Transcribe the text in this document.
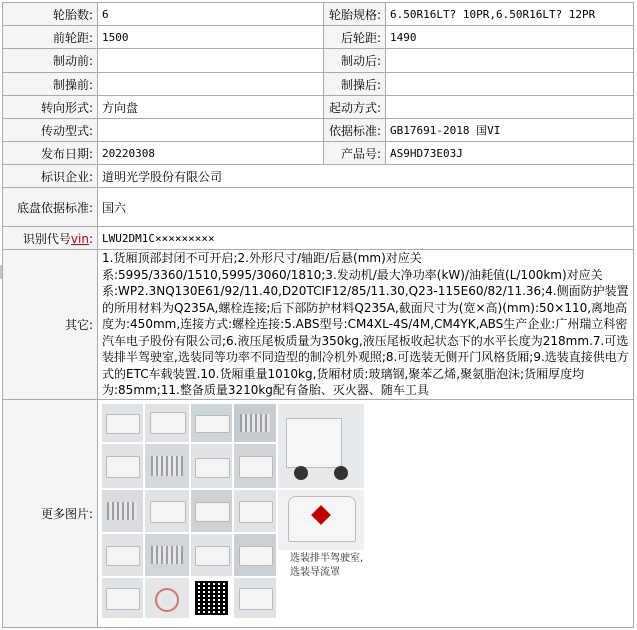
轮胎数:	6	轮胎规格:	6.50R16LT? 10PR,6.50R16LT? 12PR
前轮距:	1500	后轮距:	1490
制动前:		制动后:	
制操前:		制操后:	
转向形式:	方向盘	起动方式:	
传动型式:		依据标准:	GB17691-2018 国VI
发布日期:	20220308	产品号:	AS9HD73E03J
标识企业:	道明光学股份有限公司		
底盘依据标准:	国六		
识别代号vin:	LWU2DM1C×××××××××		
其它:	1.货厢顶部封闭不可开启;2.外形尺寸/轴距/后悬(mm)对应关系:5995/3360/1510,5995/3060/1810;3.发动机/最大净功率(kW)/油耗值(L/100km)对应关系:WP2.3NQ130E61/92/11.40,D20TCIF12/85/11.30,Q23-115E60/82/11.36;4.侧面防护装置的所用材料为Q235A,螺栓连接;后下部防护材料Q235A,截面尺寸为(宽×高)(mm):50×110,离地高度为:450mm,连接方式:螺栓连接:5.ABS型号:CM4XL-4S/4M,CM4YK,ABS生产企业:广州瑞立科密汽车电子股份有限公司;6.液压尾板质量为350kg,液压尾板收起状态下的水平长度为218mm.7.可选装排半驾驶室,选装同等功率不同造型的制冷机外观照;8.可选装无侧开门风格货厢;9.选装直接供电方式的ETC车载装置.10.货厢重量1010kg,货厢材质:玻璃钢,聚苯乙烯,聚氨脂泡沫;货厢厚度均为:85mm;11.整备质量3210kg配有备胎、灭火器、随车工具		
更多图片:	选装排半驾驶室,
选装导流罩		
